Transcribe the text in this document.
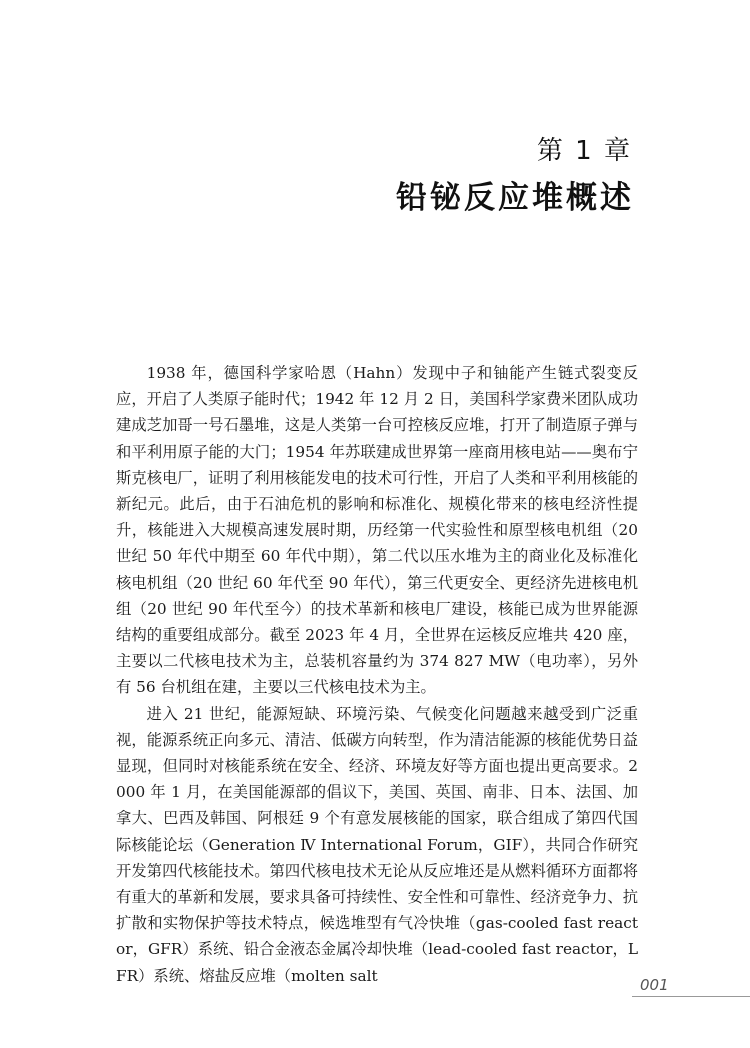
第 1 章
铅铋反应堆概述

1938 年，德国科学家哈恩（Hahn）发现中子和铀能产生链式裂变反应，开启了人类原子能时代；1942 年 12 月 2 日，美国科学家费米团队成功建成芝加哥一号石墨堆，这是人类第一台可控核反应堆，打开了制造原子弹与和平利用原子能的大门；1954 年苏联建成世界第一座商用核电站——奥布宁斯克核电厂，证明了利用核能发电的技术可行性，开启了人类和平利用核能的新纪元。此后，由于石油危机的影响和标准化、规模化带来的核电经济性提升，核能进入大规模高速发展时期，历经第一代实验性和原型核电机组（20 世纪 50 年代中期至 60 年代中期），第二代以压水堆为主的商业化及标准化核电机组（20 世纪 60 年代至 90 年代），第三代更安全、更经济先进核电机组（20 世纪 90 年代至今）的技术革新和核电厂建设，核能已成为世界能源结构的重要组成部分。截至 2023 年 4 月，全世界在运核反应堆共 420 座，主要以二代核电技术为主，总装机容量约为 374 827 MW（电功率），另外有 56 台机组在建，主要以三代核电技术为主。

进入 21 世纪，能源短缺、环境污染、气候变化问题越来越受到广泛重视，能源系统正向多元、清洁、低碳方向转型，作为清洁能源的核能优势日益显现，但同时对核能系统在安全、经济、环境友好等方面也提出更高要求。2000 年 1 月，在美国能源部的倡议下，美国、英国、南非、日本、法国、加拿大、巴西及韩国、阿根廷 9 个有意发展核能的国家，联合组成了第四代国际核能论坛（Generation Ⅳ International Forum，GIF），共同合作研究开发第四代核能技术。第四代核电技术无论从反应堆还是从燃料循环方面都将有重大的革新和发展，要求具备可持续性、安全性和可靠性、经济竞争力、抗扩散和实物保护等技术特点，候选堆型有气冷快堆（gas-cooled fast reactor，GFR）系统、铅合金液态金属冷却快堆（lead-cooled fast reactor，LFR）系统、熔盐反应堆（molten salt

001
